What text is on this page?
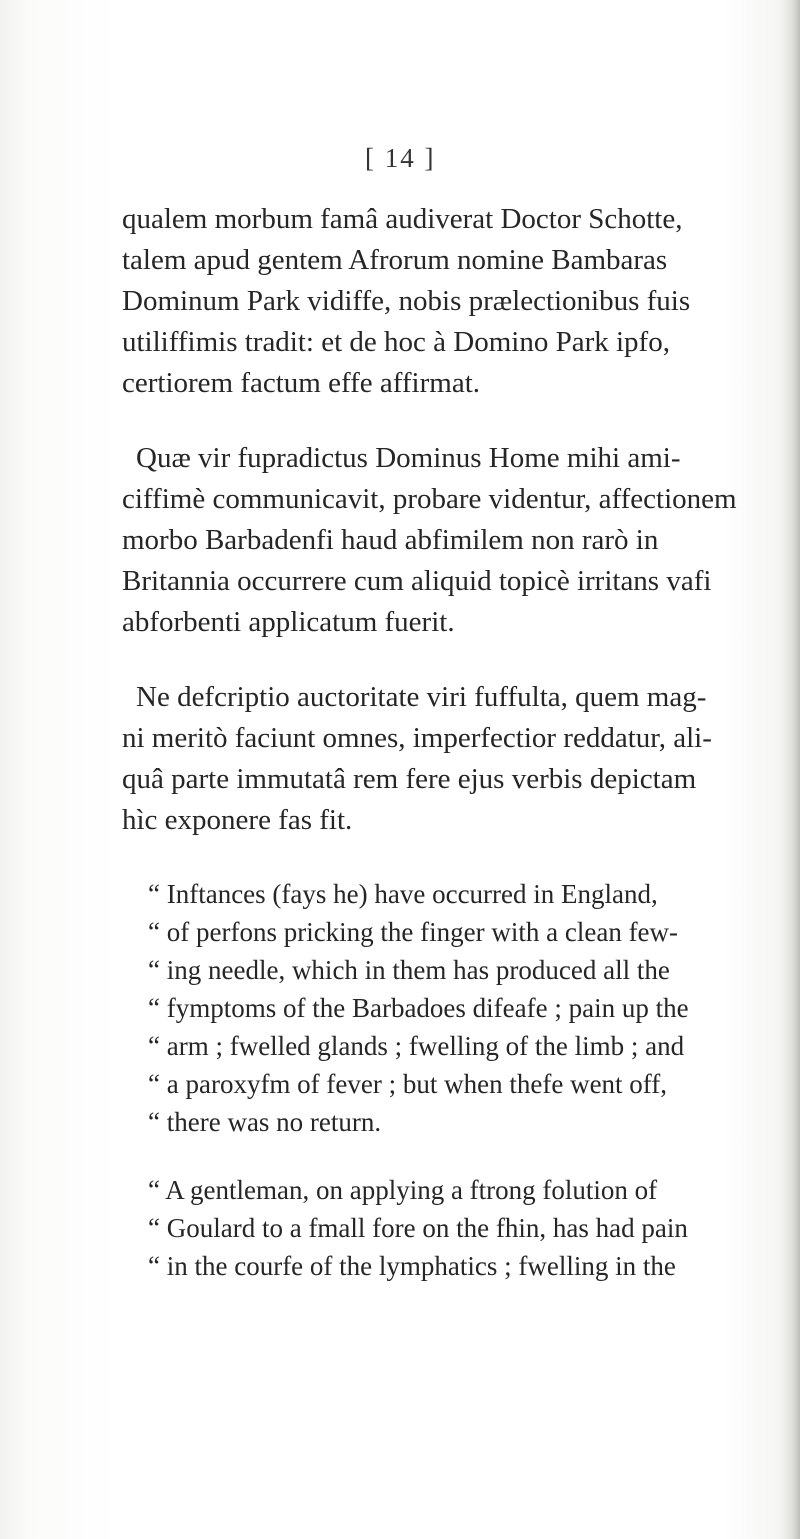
[ 14 ]

qualem morbum famâ audiverat Doctor Schotte,
talem apud gentem Afrorum nomine Bambaras
Dominum Park vidiffe, nobis prælectionibus fuis
utiliffimis tradit: et de hoc à Domino Park ipfo,
certiorem factum effe affirmat.

Quæ vir fupradictus Dominus Home mihi ami-
ciffimè communicavit, probare videntur, affectionem
morbo Barbadenfi haud abfimilem non rarò in
Britannia occurrere cum aliquid topicè irritans vafi
abforbenti applicatum fuerit.

Ne defcriptio auctoritate viri fuffulta, quem mag-
ni meritò faciunt omnes, imperfectior reddatur, ali-
quâ parte immutatâ rem fere ejus verbis depictam
hìc exponere fas fit.

“ Inftances (fays he) have occurred in England,
“ of perfons pricking the finger with a clean few-
“ ing needle, which in them has produced all the
“ fymptoms of the Barbadoes difeafe ; pain up the
“ arm ; fwelled glands ; fwelling of the limb ; and
“ a paroxyfm of fever ; but when thefe went off,
“ there was no return.

“ A gentleman, on applying a ftrong folution of
“ Goulard to a fmall fore on the fhin, has had pain
“ in the courfe of the lymphatics ; fwelling in the
